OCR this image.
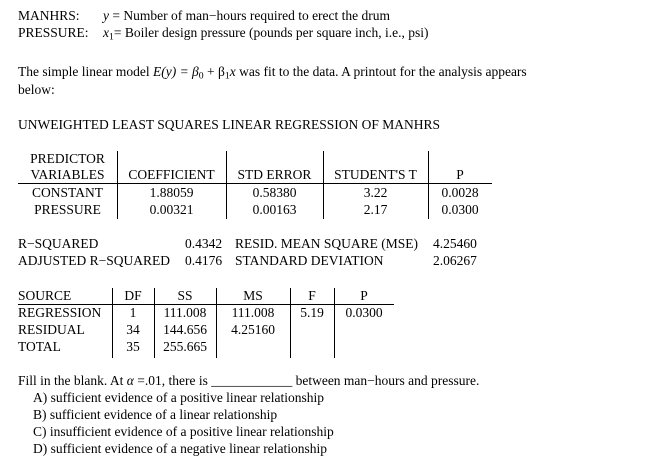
MANHRS: y = Number of man−hours required to erect the drum
PRESSURE: $x_1=$ Boiler design pressure (pounds per square inch, i.e., psi)
The simple linear model $E(y) = \beta_0 + \beta_1x$ was fit to the data. A printout for the analysis appears
below:
UNWEIGHTED LEAST SQUARES LINEAR REGRESSION OF MANHRS
PREDICTOR
VARIABLES	COEFFICIENT	STD ERROR	STUDENT'S T	P
CONSTANT	1.88059	0.58380	3.22	0.0028
PRESSURE	0.00321	0.00163	2.17	0.0300
R−SQUARED	0.4342 RESID. MEAN SQUARE (MSE) 4.25460
ADJUSTED R−SQUARED 0.4176 STANDARD DEVIATION	2.06267
SOURCE	DF	SS	MS	F	P
REGRESSION	1	111.008	111.008	5.19	0.0300
RESIDUAL	34	144.656	4.25160
TOTAL	35	255.665
Fill in the blank. At α =.01, there is ____________ between man−hours and pressure.
A) sufficient evidence of a positive linear relationship
B) sufficient evidence of a linear relationship
C) insufficient evidence of a positive linear relationship
D) sufficient evidence of a negative linear relationship
